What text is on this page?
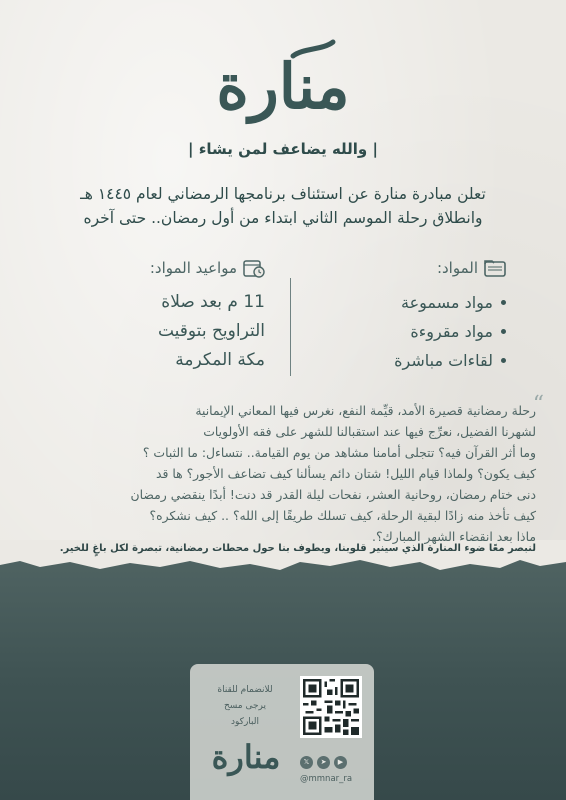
منارة
| والله يضاعف لمن يشاء |
تعلن مبادرة منارة عن استئناف برنامجها الرمضاني لعام ١٤٤٥ هـ
وانطلاق رحلة الموسم الثاني ابتداء من أول رمضان.. حتى آخره
المواد:
مواد مسموعة
مواد مقروءة
لقاءات مباشرة
مواعيد المواد:
11 م بعد صلاة
التراويح بتوقيت
مكة المكرمة
“
رحلة رمضانية قصيرة الأمد، قيِّمة النفع، نغرس فيها المعاني الإيمانية
لشهرنا الفضيل، نعرِّج فيها عند استقبالنا للشهر على فقه الأولويات
وما أثر القرآن فيه؟ تتجلى أمامنا مشاهد من يوم القيامة.. نتساءل: ما الثبات ؟
كيف يكون؟ ولماذا قيام الليل! شتان دائم يسألنا كيف تضاعف الأجور؟ ها قد
دنى ختام رمضان، روحانية العشر، نفحات ليلة القدر قد دنت! أبدًا ينقضي رمضان
كيف تأخذ منه زادًا لبقية الرحلة، كيف تسلك طريقًا إلى الله؟ .. كيف نشكره؟
ماذا بعد انقضاء الشهر المبارك؟.
لنبصر معًا ضوء المنارة الذي سينير قلوبنا، ويطوف بنا حول محطات رمضانية، تبصرة لكل باغٍ للخير.
للانضمام للقناة
يرجى مسح
الباركود
منارة	𝕏	➤	▶
@mmnar_ra
